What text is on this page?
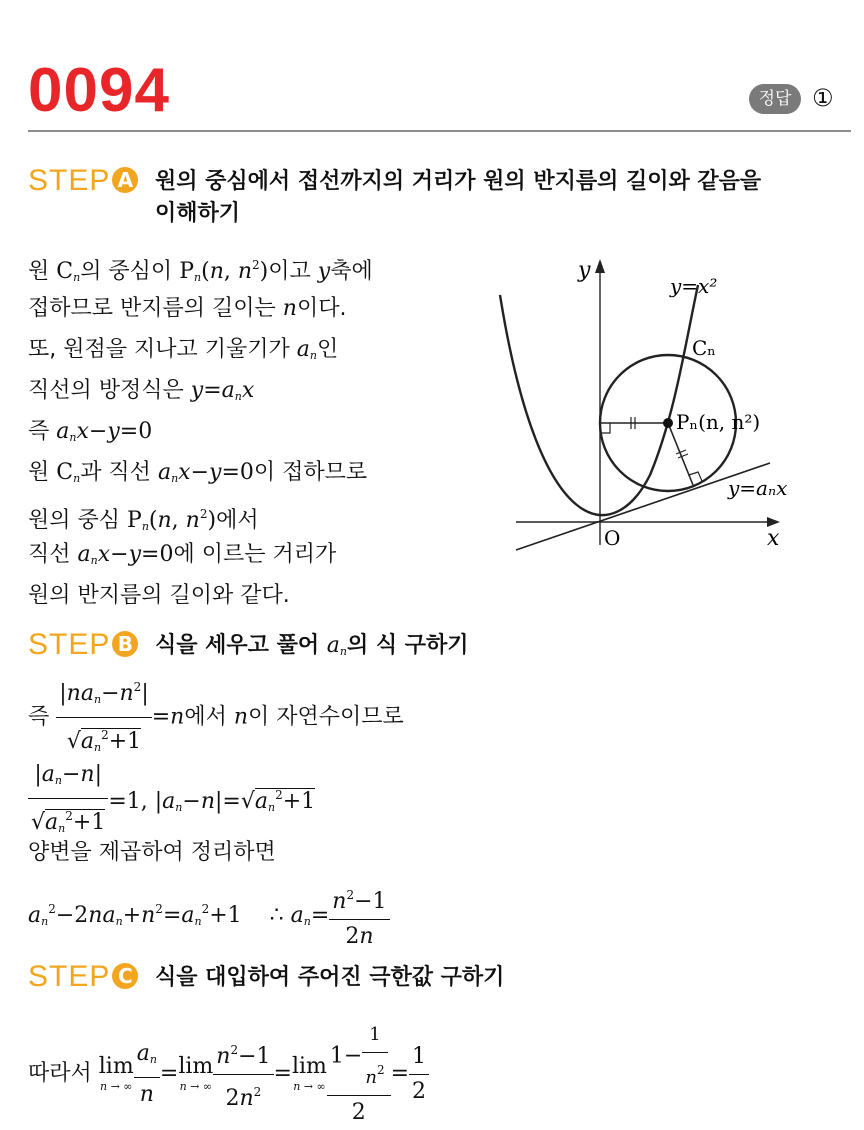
0094	정답 ①
STEP A 원의 중심에서 접선까지의 거리가 원의 반지름의 길이와 같음을
이해하기
원 $C_n$의 중심이 $P_n(n$, $n^2$)이고 y축에
접하므로 반지름의 길이는 n이다.
또, 원점을 지나고 기울기가 $a_n$인
직선의 방정식은 $y=a_nx$
즉 $a_nx-y=0$
원 $C_n$과 직선 $a_nx-y=0$이 접하므로
원의 중심 $P_n(n$, $n^2$)에서
직선 $a_nx-y=0$에 이르는 거리가
원의 반지름의 길이와 같다.
y
x
O
y=x²
Cₙ
Pₙ(n, n²)
y=aₙx
STEP B 식을 세우고 풀어 $a_n$의 식 구하기
즉 $\frac{|na_n-n^2|}{√a_n^2+1} =n$에서 n이 자연수이므로
$\frac{|a_n-n|}{√a_n^2+1} =1$, $|a_n-n|=√a_n^2+1$
양변을 제곱하여 정리하면
$a_n^2-2na_n+n^2=a_n^2+1$    ∴ $a_n= \frac{n^2-1}{2n}$
STEP C 식을 대입하여 주어진 극한값 구하기
따라서 lim
n → ∞ $\frac{a_n}{n} = \lim$
n → ∞ $\frac{n^2-1}{2n^2} = \lim$
n → ∞ $\frac{1- \frac{1}{n^2}}{2} = \frac{1}{2}$
